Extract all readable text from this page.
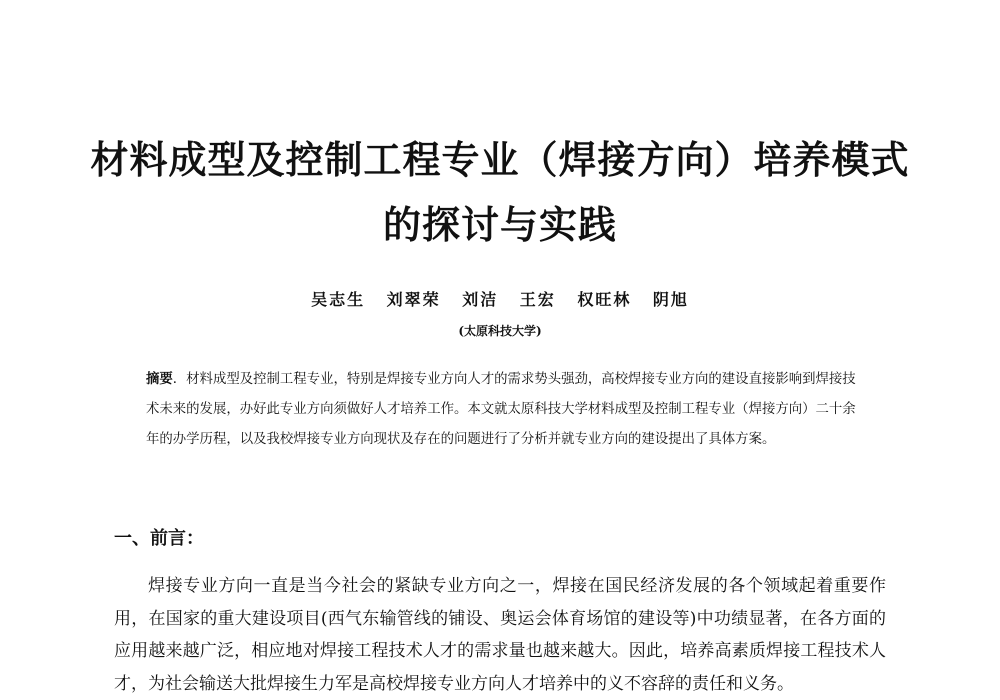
材料成型及控制工程专业（焊接方向）培养模式
的探讨与实践
吴志生 刘翠荣 刘洁 王宏 权旺林 阴旭
(太原科技大学)
摘要．材料成型及控制工程专业，特别是焊接专业方向人才的需求势头强劲，高校焊接专业方向的建设直接影响到焊接技术未来的发展，办好此专业方向须做好人才培养工作。本文就太原科技大学材料成型及控制工程专业（焊接方向）二十余年的办学历程，以及我校焊接专业方向现状及存在的问题进行了分析并就专业方向的建设提出了具体方案。
一、前言：
焊接专业方向一直是当今社会的紧缺专业方向之一，焊接在国民经济发展的各个领域起着重要作用，在国家的重大建设项目(西气东输管线的铺设、奥运会体育场馆的建设等)中功绩显著，在各方面的应用越来越广泛，相应地对焊接工程技术人才的需求量也越来越大。因此，培养高素质焊接工程技术人才，为社会输送大批焊接生力军是高校焊接专业方向人才培养中的义不容辞的责任和义务。
